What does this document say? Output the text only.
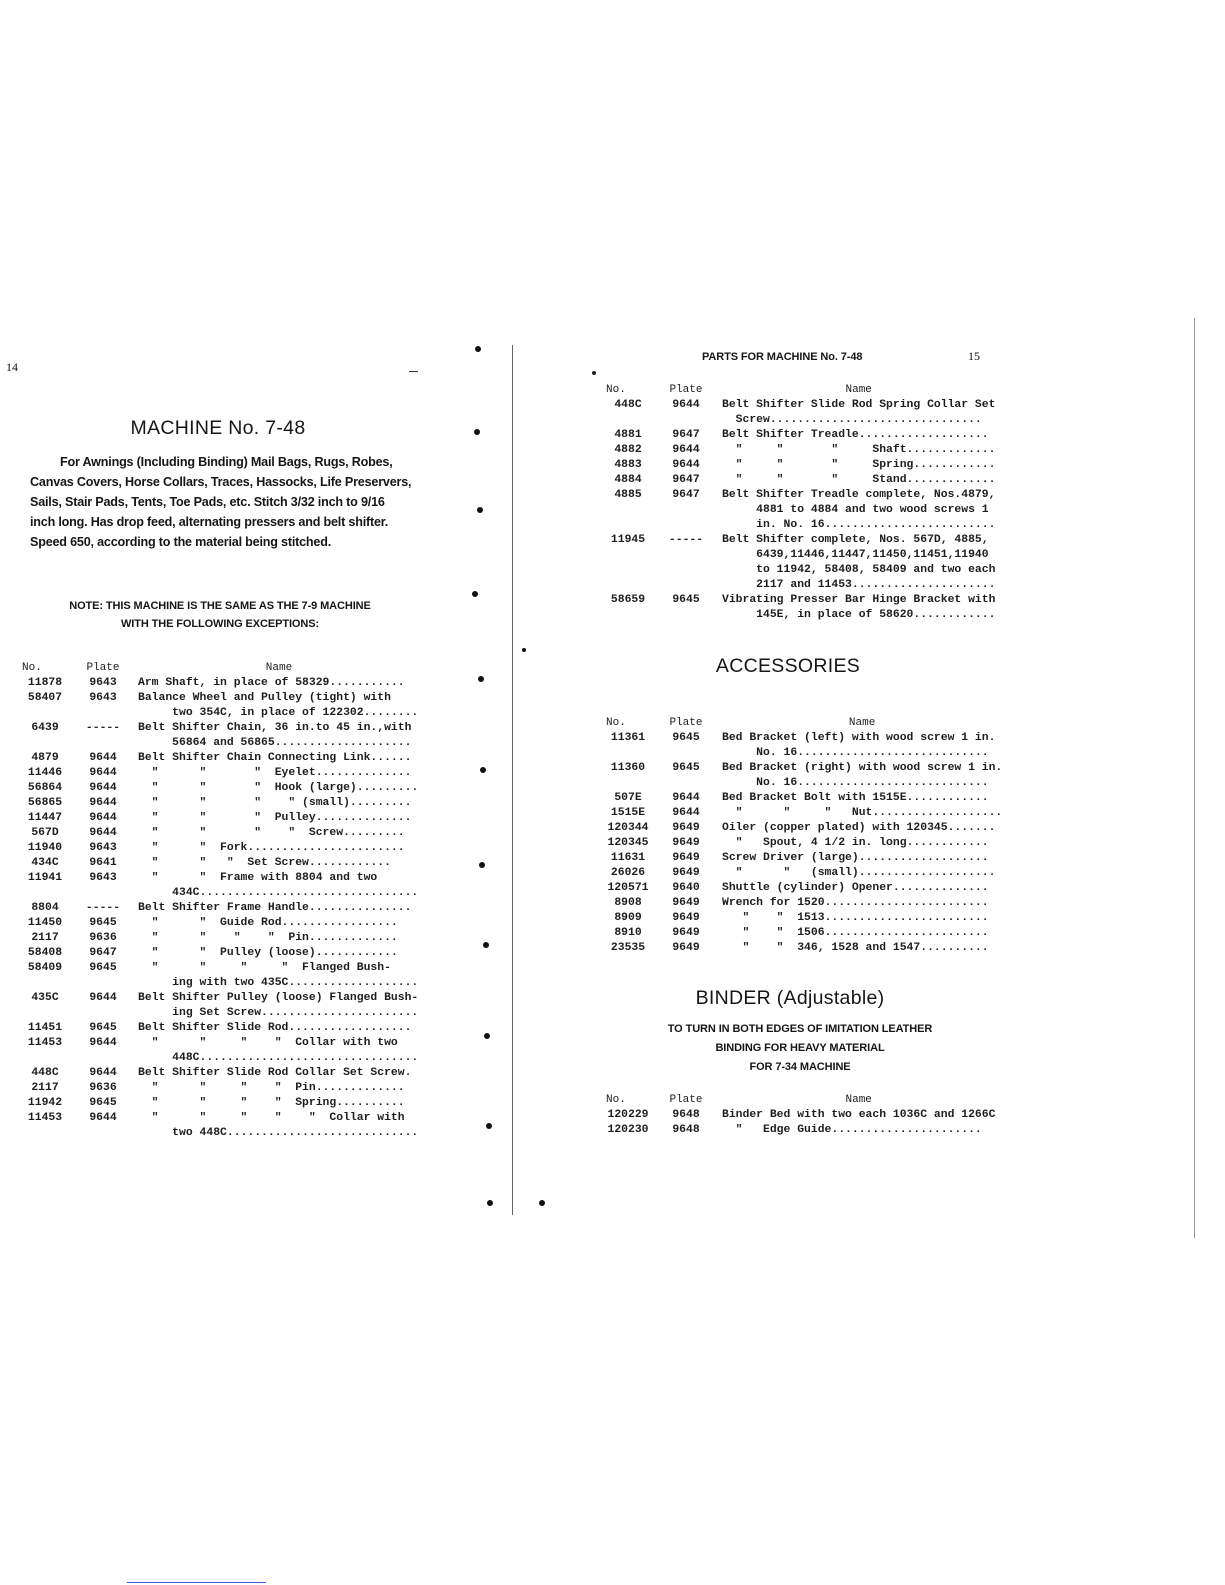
14
MACHINE No. 7-48
For Awnings (Including Binding) Mail Bags, Rugs, Robes,
Canvas Covers, Horse Collars, Traces, Hassocks, Life Preservers,
Sails, Stair Pads, Tents, Toe Pads, etc. Stitch 3/32 inch to 9/16
inch long. Has drop feed, alternating pressers and belt shifter.
Speed 650, according to the material being stitched.
NOTE: THIS MACHINE IS THE SAME AS THE 7-9 MACHINE
WITH THE FOLLOWING EXCEPTIONS:
No.	Plate	Name
11878	9643	Arm Shaft, in place of 58329...........
58407	9643	Balance Wheel and Pulley (tight) with
		two 354C, in place of 122302........
6439	-----	Belt Shifter Chain, 36 in.to 45 in.,with
		56864 and 56865....................
4879	9644	Belt Shifter Chain Connecting Link......
11446	9644	"      "       "  Eyelet..............
56864	9644	"      "       "  Hook (large).........
56865	9644	"      "       "    " (small).........
11447	9644	"      "       "  Pulley..............
567D	9644	"      "       "    "  Screw.........
11940	9643	"      "  Fork.......................
434C	9641	"      "   "  Set Screw............
11941	9643	"      "  Frame with 8804 and two
		434C................................
8804	-----	Belt Shifter Frame Handle...............
11450	9645	"      "  Guide Rod.................
2117	9636	"      "    "    "  Pin.............
58408	9647	"      "  Pulley (loose)............
58409	9645	"      "     "     "  Flanged Bush-
		ing with two 435C...................
435C	9644	Belt Shifter Pulley (loose) Flanged Bush-
		ing Set Screw.......................
11451	9645	Belt Shifter Slide Rod..................
11453	9644	"      "     "    "  Collar with two
		448C................................
448C	9644	Belt Shifter Slide Rod Collar Set Screw.
2117	9636	"      "     "    "  Pin.............
11942	9645	"      "     "    "  Spring..........
11453	9644	"      "     "    "    "  Collar with
		two 448C............................
PARTS FOR MACHINE No. 7-48	15
No.	Plate	Name
448C	9644	Belt Shifter Slide Rod Spring Collar Set
		Screw...............................
4881	9647	Belt Shifter Treadle...................
4882	9644	"     "       "     Shaft.............
4883	9644	"     "       "     Spring............
4884	9647	"     "       "     Stand.............
4885	9647	Belt Shifter Treadle complete, Nos.4879,
		4881 to 4884 and two wood screws 1
		in. No. 16.........................
11945	-----	Belt Shifter complete, Nos. 567D, 4885,
		6439,11446,11447,11450,11451,11940
		to 11942, 58408, 58409 and two each
		2117 and 11453.....................
58659	9645	Vibrating Presser Bar Hinge Bracket with
		145E, in place of 58620............
ACCESSORIES
No.	Plate	Name
11361	9645	Bed Bracket (left) with wood screw 1 in.
		No. 16............................
11360	9645	Bed Bracket (right) with wood screw 1 in.
		No. 16............................
507E	9644	Bed Bracket Bolt with 1515E............
1515E	9644	"      "     "   Nut...................
120344	9649	Oiler (copper plated) with 120345.......
120345	9649	"   Spout, 4 1/2 in. long............
11631	9649	Screw Driver (large)...................
26026	9649	"      "   (small)....................
120571	9640	Shuttle (cylinder) Opener..............
8908	9649	Wrench for 1520........................
8909	9649	"    "  1513........................
8910	9649	"    "  1506........................
23535	9649	"    "  346, 1528 and 1547..........
BINDER (Adjustable)
TO TURN IN BOTH EDGES OF IMITATION LEATHER
BINDING FOR HEAVY MATERIAL
FOR 7-34 MACHINE
No.	Plate	Name
120229	9648	Binder Bed with two each 1036C and 1266C
120230	9648	"   Edge Guide......................
